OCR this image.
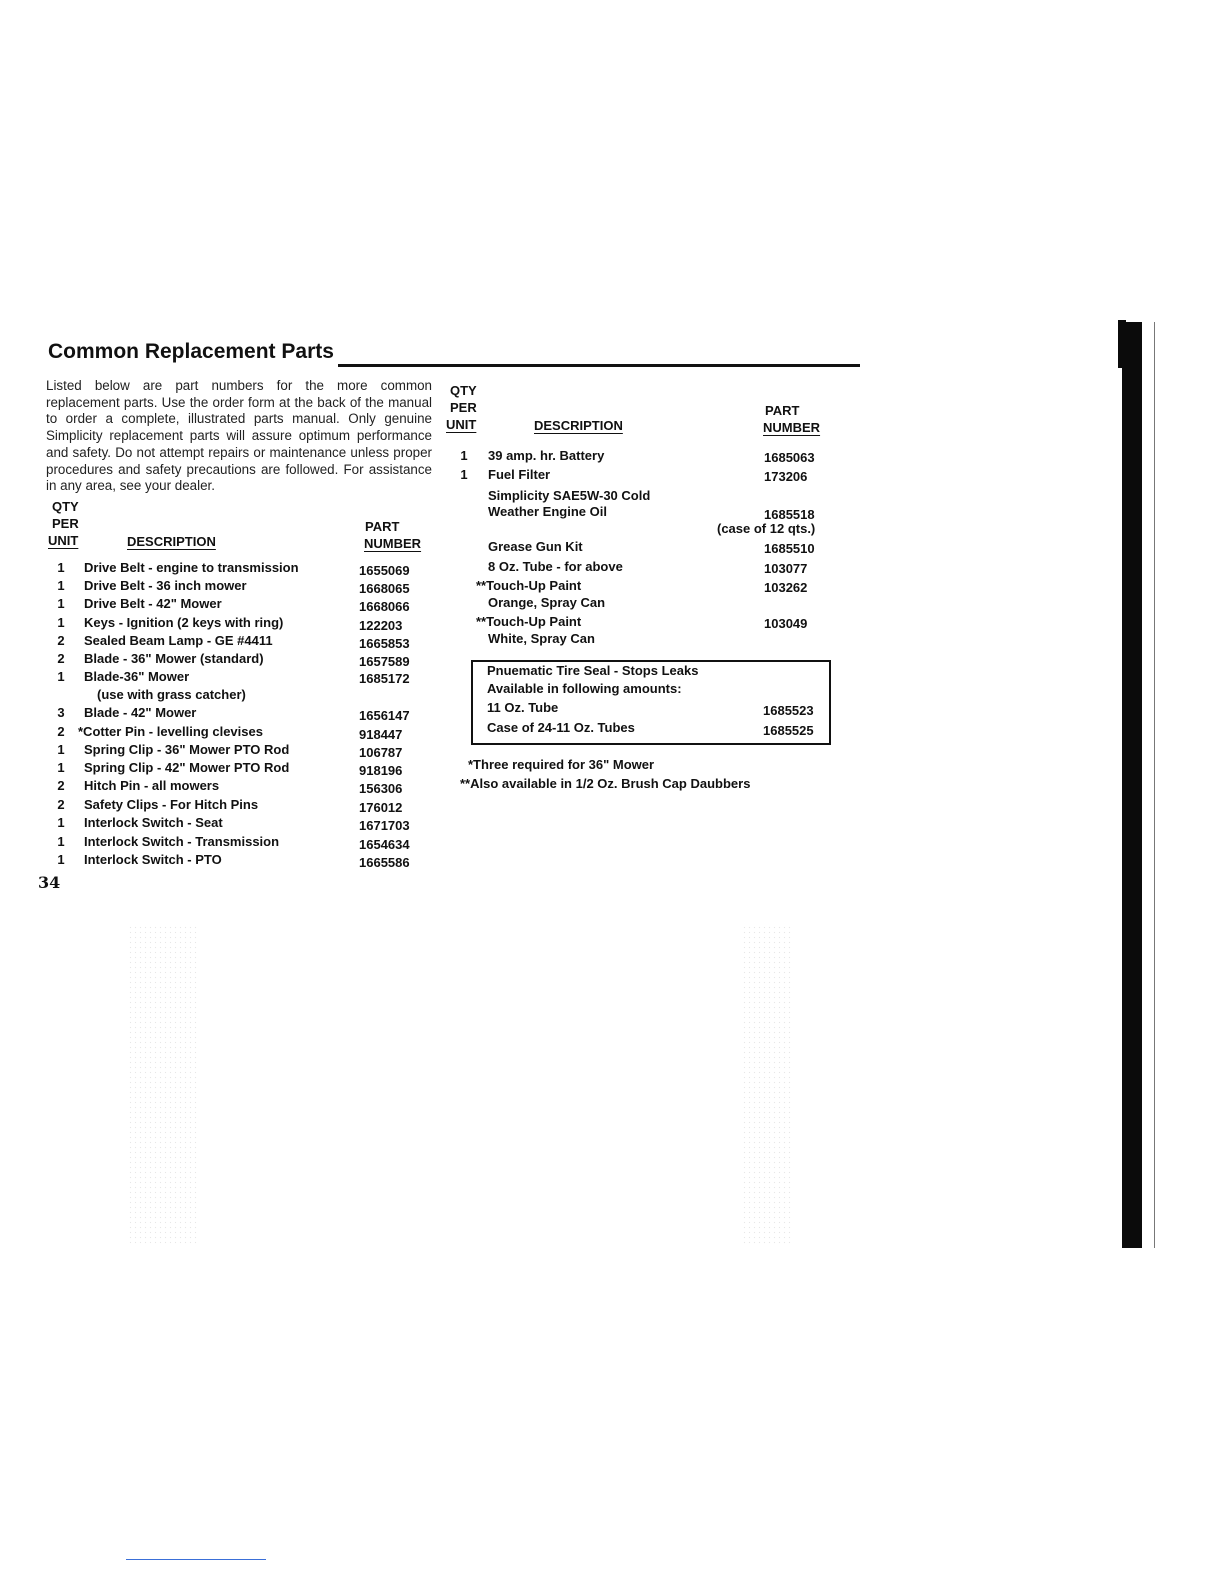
Common Replacement Parts
Listed below are part numbers for the more common replacement parts. Use the order form at the back of the manual to order a complete, illustrated parts manual. Only genuine Simplicity replacement parts will assure optimum performance and safety. Do not attempt repairs or maintenance unless proper procedures and safety precautions are followed. For assistance in any area, see your dealer.
QTY
PER
UNIT	DESCRIPTION
PART
NUMBER
1	Drive Belt - engine to transmission	1655069
1	Drive Belt - 36 inch mower	1668065
1	Drive Belt - 42" Mower	1668066
1	Keys - Ignition (2 keys with ring)	122203
2	Sealed Beam Lamp - GE #4411	1665853
2	Blade - 36" Mower (standard)	1657589
1	Blade-36" Mower	1685172
(use with grass catcher)
3	Blade - 42" Mower	1656147
2	*Cotter Pin - levelling clevises	918447
1	Spring Clip - 36" Mower PTO Rod	106787
1	Spring Clip - 42" Mower PTO Rod	918196
2	Hitch Pin - all mowers	156306
2	Safety Clips - For Hitch Pins	176012
1	Interlock Switch - Seat	1671703
1	Interlock Switch - Transmission	1654634
1	Interlock Switch - PTO	1665586
QTY
PER
UNIT	DESCRIPTION
PART
NUMBER
1	39 amp. hr. Battery	1685063
1	Fuel Filter	173206
Simplicity SAE5W-30 Cold
Weather Engine Oil	1685518
(case of 12 qts.)
Grease Gun Kit	1685510
8 Oz. Tube - for above	103077
**Touch-Up Paint	103262
Orange, Spray Can
**Touch-Up Paint	103049
White, Spray Can
Pnuematic Tire Seal - Stops Leaks
Available in following amounts:
11 Oz. Tube	1685523
Case of 24-11 Oz. Tubes	1685525
*Three required for 36" Mower
**Also available in 1/2 Oz. Brush Cap Daubbers
34
